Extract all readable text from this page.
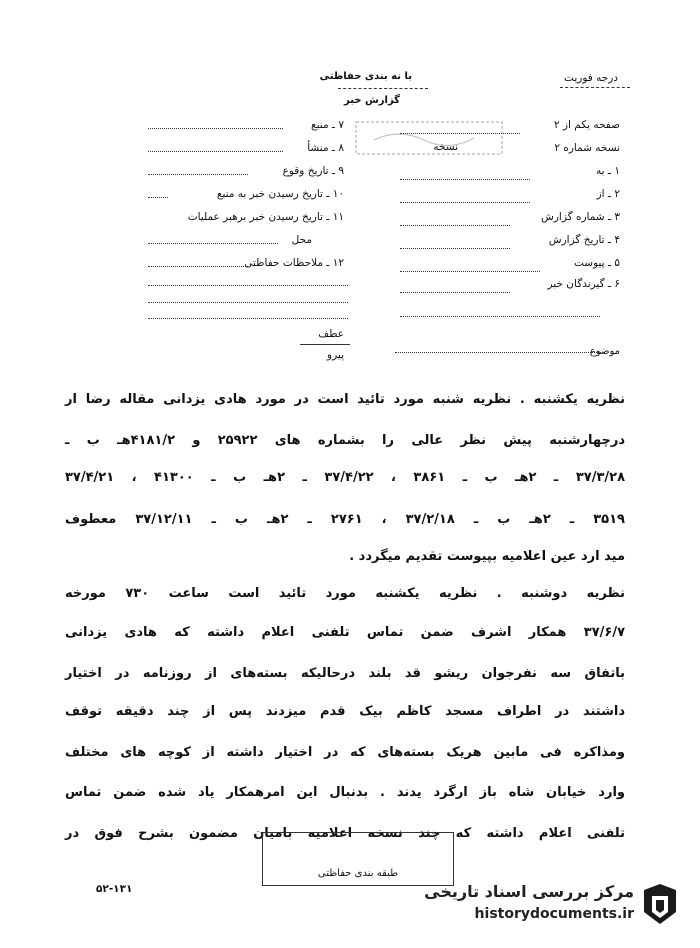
با نه بندی حفاظتی
گزارش خبر
درجه فوریت
صفحه یکم از ۲
نسخه شماره ۲
۱ ـ به
۲ ـ از
۳ ـ شماره گزارش
۴ ـ تاریخ گزارش
۵ ـ پیوست
۶ ـ گیرندگان خبر
نسخه
۷ ـ منبع
۸ ـ منشأ
۹ ـ تاریخ وقوع
۱۰ ـ تاریخ رسیدن خبر به منبع
۱۱ ـ تاریخ رسیدن خبر برهبر عملیات
محل
۱۲ ـ ملاحظات حفاظتی
موضوع
عطف
پیرو
نظریه یکشنبه . نظریه شنبه مورد تائید است در مورد هادی یزدانی مقاله رضا ار
درچهارشنبه پیش نظر عالی را بشماره های ۲۵۹۲۲ و ۴۱۸۱/۲هـ ب ـ
۳۷/۳/۲۸ ـ ۲هـ ب ـ ۳۸۶۱ ، ۳۷/۴/۲۲ ـ ۲هـ ب ـ ۴۱۳۰۰ ، ۳۷/۴/۲۱
۳۵۱۹ ـ ۲هـ ب ـ ۳۷/۲/۱۸ ، ۲۷۶۱ ـ ۲هـ ب ـ ۳۷/۱۲/۱۱ معطوف
مید ارد عین اعلامیه بپیوست تقدیم میگردد .
نظریه دوشنبه . نظریه یکشنبه مورد تائید است ساعت ۷۳۰ مورخه
۳۷/۶/۷ همکار اشرف ضمن تماس تلفنی اعلام داشته که هادی یزدانی
باتفاق سه نفرجوان ریشو قد بلند درحالیکه بسته‌های از روزنامه در اختیار
داشتند در اطراف مسجد کاظم بیک قدم میزدند پس از چند دقیقه توقف
ومذاکره فی مابین هریک بسته‌های که در اختیار داشته از کوچه های مختلف
وارد خیابان شاه باز ارگرد یدند . بدنبال این امرهمکار یاد شده ضمن تماس
تلفنی اعلام داشته که چند نسخه اعلامیه بامیان مضمون بشرح فوق در
۵۲-۱۳۱
طبقه بندی حفاظتی
مرکز بررسی اسناد تاریخی
historydocuments.ir
